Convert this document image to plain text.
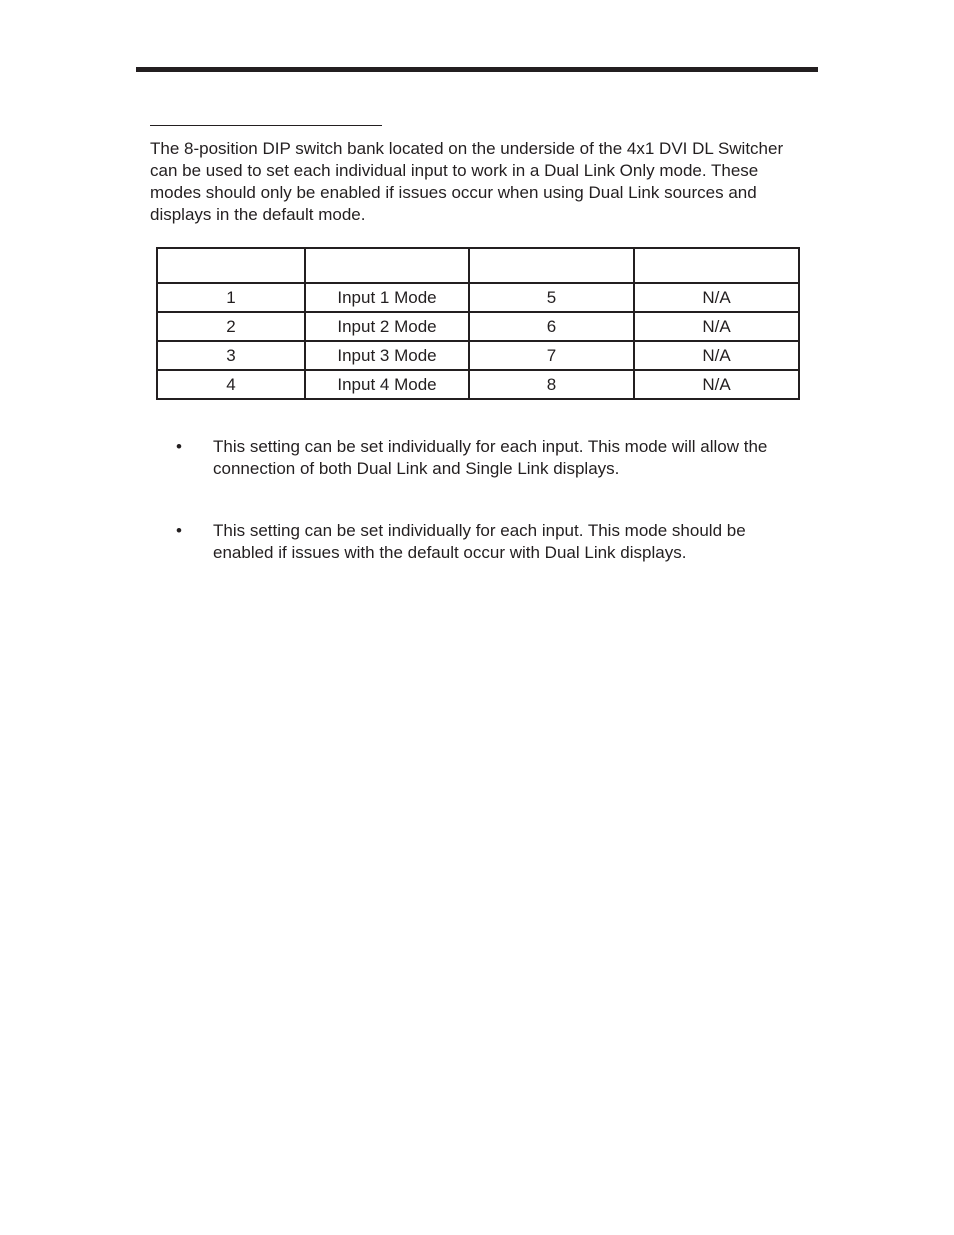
The 8-position DIP switch bank located on the underside of the 4x1 DVI DL Switcher can be used to set each individual input to work in a Dual Link Only mode. These modes should only be enabled if issues occur when using Dual Link sources and displays in the default mode.

1	Input 1 Mode	5	N/A
2	Input 2 Mode	6	N/A
3	Input 3 Mode	7	N/A
4	Input 4 Mode	8	N/A
• This setting can be set individually for each input. This mode will allow the connection of both Dual Link and Single Link displays.
• This setting can be set individually for each input. This mode should be enabled if issues with the default occur with Dual Link displays.
